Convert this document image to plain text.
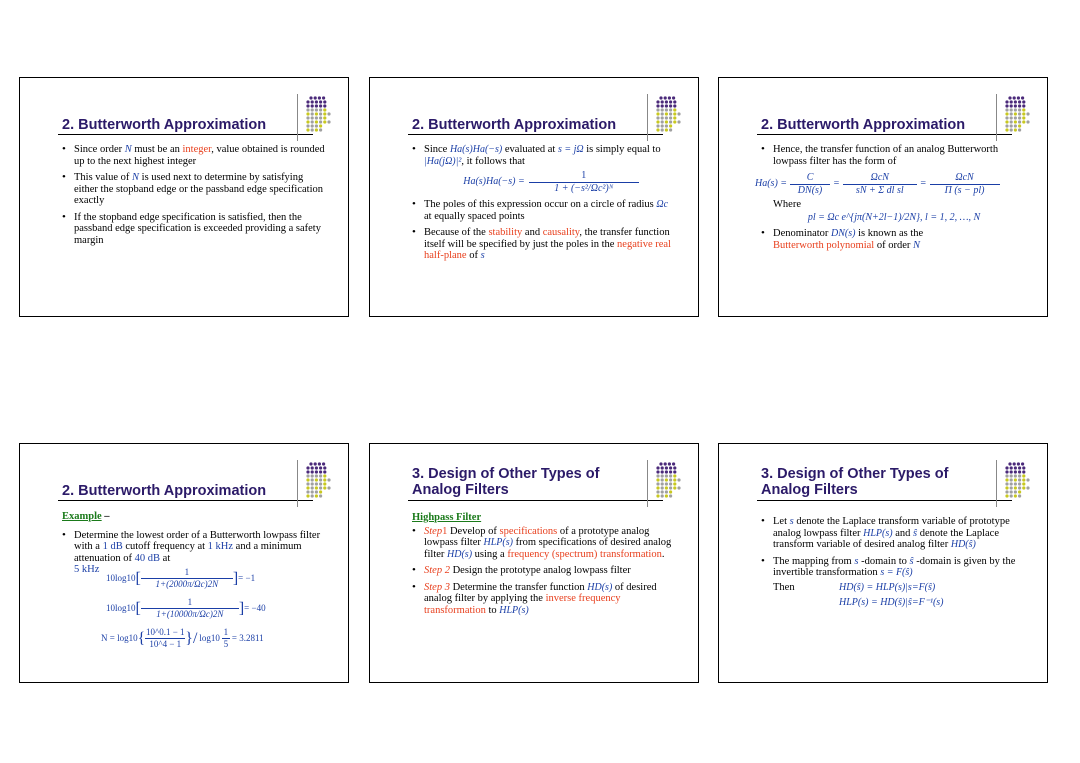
2. Butterworth Approximation
• Since order N must be an integer, value obtained is rounded up to the next highest integer
• This value of N is used next to determine by satisfying either the stopband edge or the passband edge specification exactly
• If the stopband edge specification is satisfied, then the passband edge specification is exceeded providing a safety margin
2. Butterworth Approximation
• Since Ha(s)Ha(−s) evaluated at s = jΩ is simply equal to |Ha(jΩ)|², it follows that
Ha(s)Ha(−s) =
1
1 + (−s²/Ωc²)ᴺ
• The poles of this expression occur on a circle of radius Ωc at equally spaced points
• Because of the stability and causality, the transfer function itself will be specified by just the poles in the negative real half-plane of s
2. Butterworth Approximation
• Hence, the transfer function of an analog Butterworth lowpass filter has the form of
Ha(s) =
C
DN(s)
=
ΩcN
sN + Σ dl sl
=
ΩcN
Π (s − pl)
Where
pl = Ωc e^{jπ(N+2l−1)/2N}, l = 1, 2, …, N
• Denominator DN(s) is known as the
Butterworth polynomial of order N
2. Butterworth Approximation
Example –
• Determine the lowest order of a Butterworth lowpass filter with a 1 dB cutoff frequency at 1 kHz and a minimum attenuation of 40 dB at
5 kHz
10log10 [	1
1+(2000π/Ωc)2N ] = −1
10log10 [	1
1+(10000π/Ωc)2N ] = −40
N = log10 { 10^0.1 − 1
10^4 − 1 } / log10
1
5
= 3.2811
3. Design of Other Types of Analog Filters
Highpass Filter
• Step1 Develop of specifications of a prototype analog lowpass filter HLP(s) from specifications of desired analog filter HD(s) using a frequency (spectrum) transformation.
• Step 2 Design the prototype analog lowpass filter
• Step 3 Determine the transfer function HD(s) of desired analog filter by applying the inverse frequency transformation to HLP(s)
3. Design of Other Types of Analog Filters
• Let s denote the Laplace transform variable of prototype analog lowpass filter HLP(s) and ŝ denote the Laplace transform variable of desired analog filter HD(ŝ)
• The mapping from s -domain to ŝ -domain is given by the invertible transformation s = F(ŝ)
Then	HD(ŝ) = HLP(s)|s=F(ŝ)
HLP(s) = HD(ŝ)|ŝ=F⁻¹(s)
